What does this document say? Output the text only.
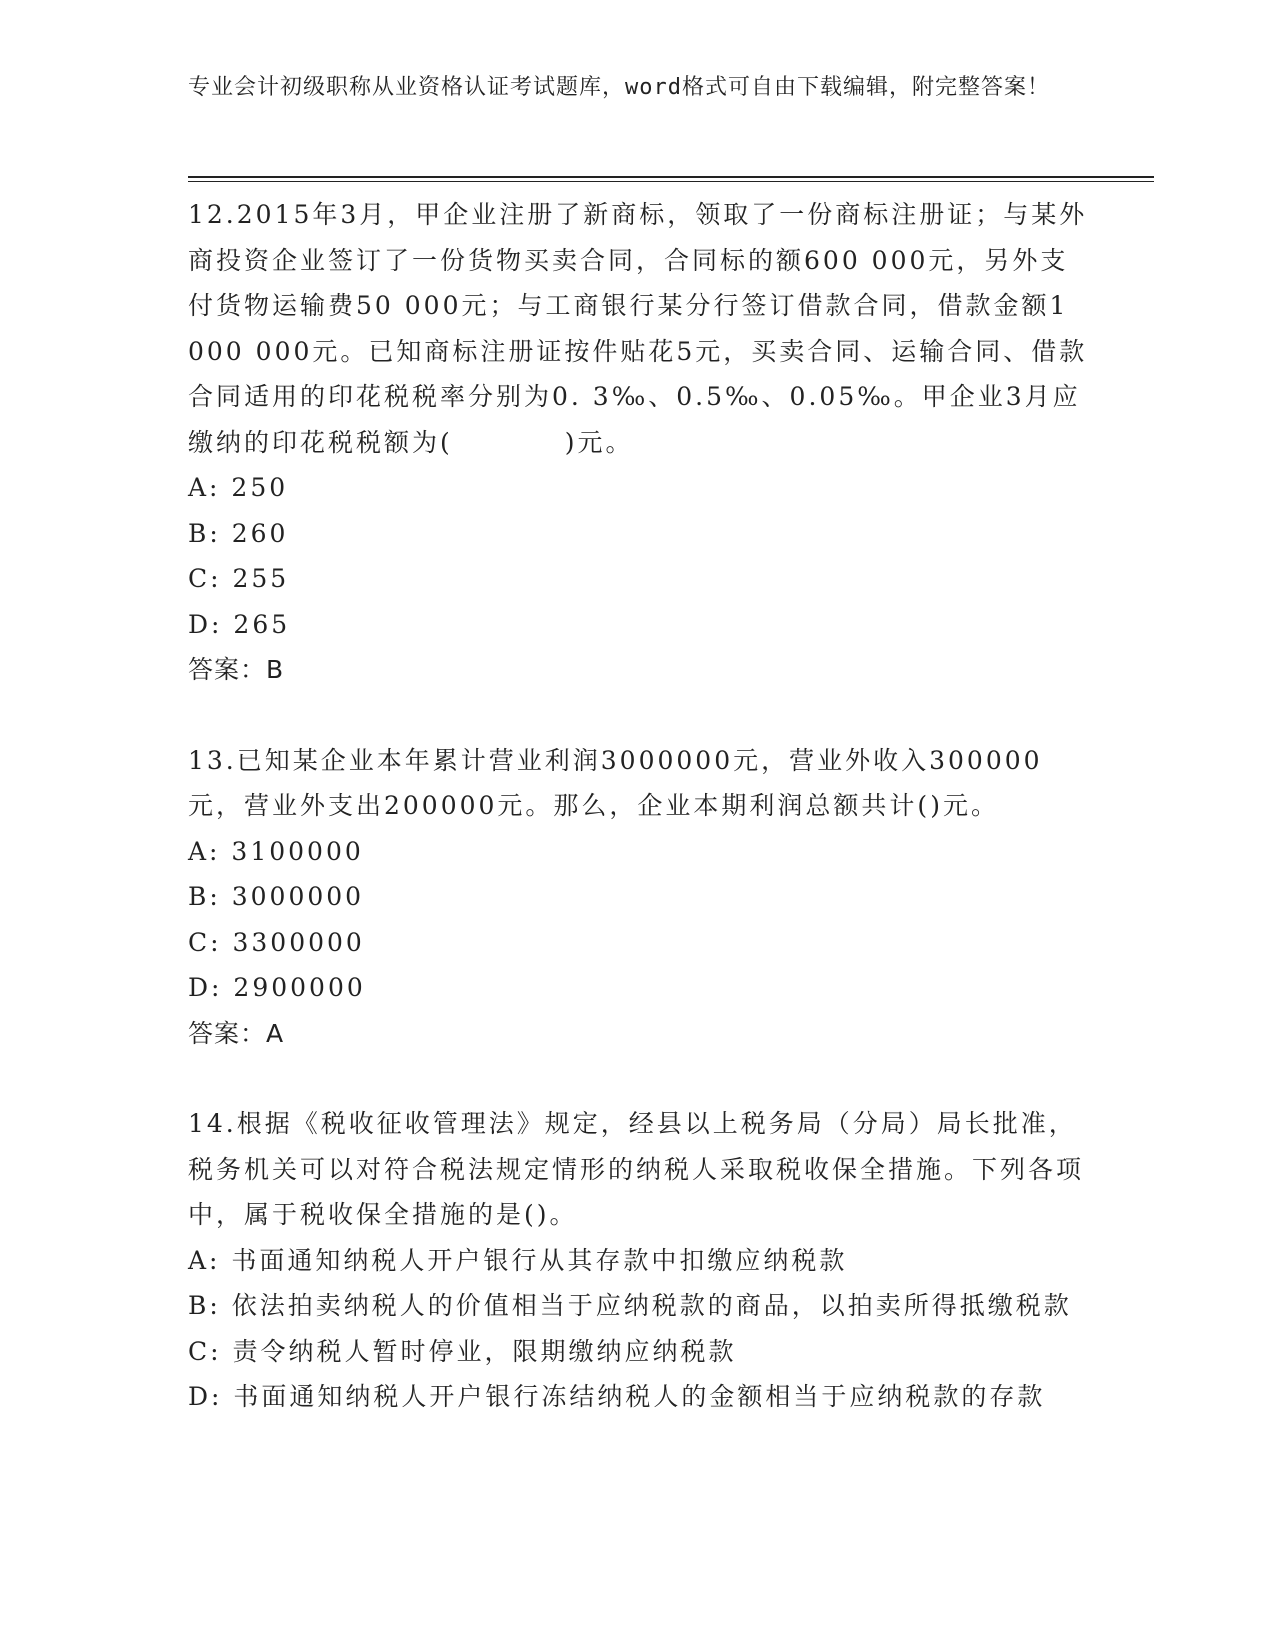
专业会计初级职称从业资格认证考试题库，word格式可自由下载编辑，附完整答案！

12.2015年3月，甲企业注册了新商标，领取了一份商标注册证；与某外商投资企业签订了一份货物买卖合同，合同标的额600 000元，另外支付货物运输费50 000元；与工商银行某分行签订借款合同，借款金额1 000 000元。已知商标注册证按件贴花5元，买卖合同、运输合同、借款合同适用的印花税税率分别为0. 3‰、0.5‰、0.05‰。甲企业3月应缴纳的印花税税额为(　　　　)元。

A: 250

B: 260

C: 255

D: 265

答案：B

13.已知某企业本年累计营业利润3000000元，营业外收入300000元，营业外支出200000元。那么，企业本期利润总额共计()元。

A: 3100000

B: 3000000

C: 3300000

D: 2900000

答案：A

14.根据《税收征收管理法》规定，经县以上税务局（分局）局长批准，税务机关可以对符合税法规定情形的纳税人采取税收保全措施。下列各项中，属于税收保全措施的是()。

A: 书面通知纳税人开户银行从其存款中扣缴应纳税款

B: 依法拍卖纳税人的价值相当于应纳税款的商品，以拍卖所得抵缴税款

C: 责令纳税人暂时停业，限期缴纳应纳税款

D: 书面通知纳税人开户银行冻结纳税人的金额相当于应纳税款的存款
